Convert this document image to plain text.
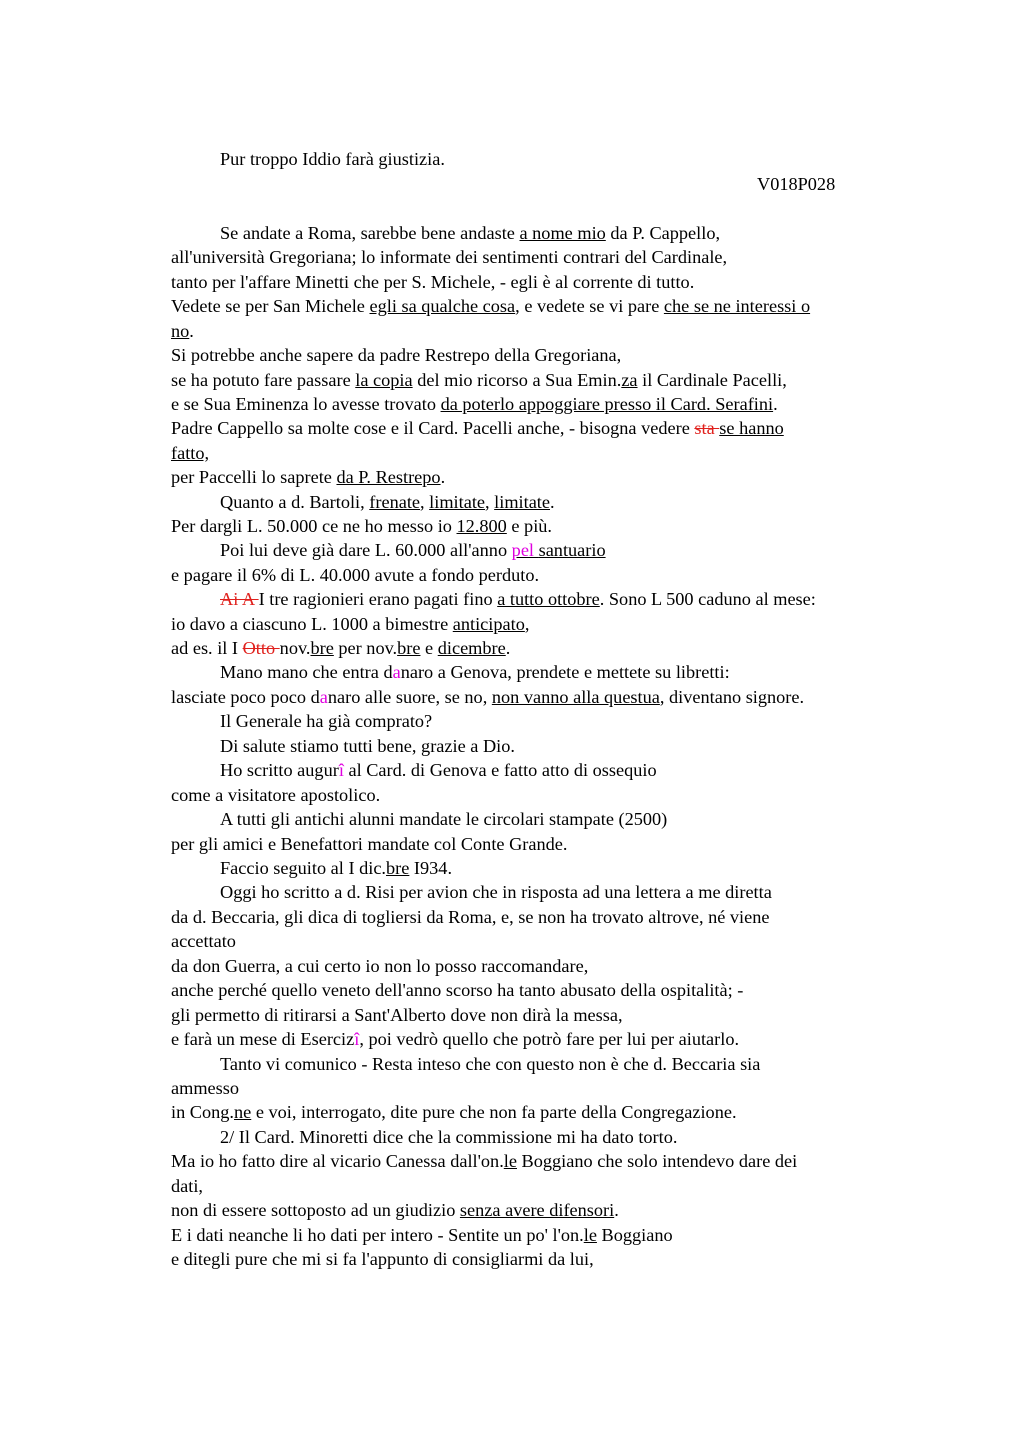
Pur troppo Iddio farà giustizia.
V018P028
Se andate a Roma, sarebbe bene andaste a nome mio da P. Cappello,
all'università Gregoriana; lo informate dei sentimenti contrari del Cardinale,
tanto per l'affare Minetti che per S. Michele, - egli è al corrente di tutto.
Vedete se per San Michele egli sa qualche cosa, e vedete se vi pare che se ne interessi o
no.
Si potrebbe anche sapere da padre Restrepo della Gregoriana,
se ha potuto fare passare la copia del mio ricorso a Sua Emin.za il Cardinale Pacelli,
e se Sua Eminenza lo avesse trovato da poterlo appoggiare presso il Card. Serafini.
Padre Cappello sa molte cose e il Card. Pacelli anche, - bisogna vedere sta se hanno
fatto,
per Paccelli lo saprete da P. Restrepo.
Quanto a d. Bartoli, frenate, limitate, limitate.
Per dargli L. 50.000 ce ne ho messo io 12.800 e più.
Poi lui deve già dare L. 60.000 all'anno pel santuario
e pagare il 6% di L. 40.000 avute a fondo perduto.
Ai A I tre ragionieri erano pagati fino a tutto ottobre. Sono L 500 caduno al mese:
io davo a ciascuno L. 1000 a bimestre anticipato,
ad es. il I Otto nov.bre per nov.bre e dicembre.
Mano mano che entra danaro a Genova, prendete e mettete su libretti:
lasciate poco poco danaro alle suore, se no, non vanno alla questua, diventano signore.
Il Generale ha già comprato?
Di salute stiamo tutti bene, grazie a Dio.
Ho scritto augurî al Card. di Genova e fatto atto di ossequio
come a visitatore apostolico.
A tutti gli antichi alunni mandate le circolari stampate (2500)
per gli amici e Benefattori mandate col Conte Grande.
Faccio seguito al I dic.bre I934.
Oggi ho scritto a d. Risi per avion che in risposta ad una lettera a me diretta
da d. Beccaria, gli dica di togliersi da Roma, e, se non ha trovato altrove, né viene
accettato
da don Guerra, a cui certo io non lo posso raccomandare,
anche perché quello veneto dell'anno scorso ha tanto abusato della ospitalità; -
gli permetto di ritirarsi a Sant'Alberto dove non dirà la messa,
e farà un mese di Esercizî, poi vedrò quello che potrò fare per lui per aiutarlo.
Tanto vi comunico - Resta inteso che con questo non è che d. Beccaria sia
ammesso
in Cong.ne e voi, interrogato, dite pure che non fa parte della Congregazione.
2/ Il Card. Minoretti dice che la commissione mi ha dato torto.
Ma io ho fatto dire al vicario Canessa dall'on.le Boggiano che solo intendevo dare dei
dati,
non di essere sottoposto ad un giudizio senza avere difensori.
E i dati neanche li ho dati per intero - Sentite un po' l'on.le Boggiano
e ditegli pure che mi si fa l'appunto di consigliarmi da lui,
